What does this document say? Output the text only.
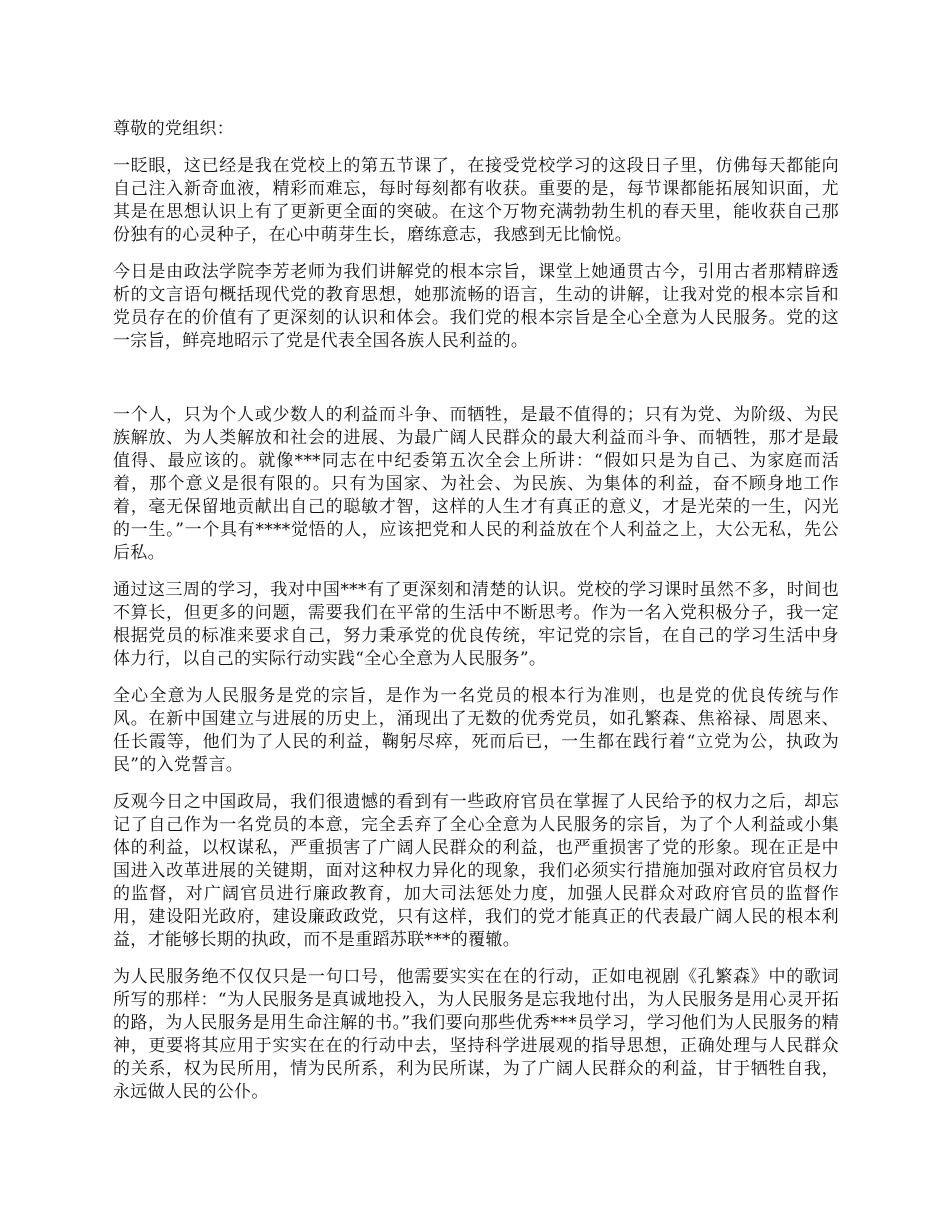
尊敬的党组织：

一眨眼，这已经是我在党校上的第五节课了，在接受党校学习的这段日子里，仿佛每天都能向自己注入新奇血液，精彩而难忘，每时每刻都有收获。重要的是，每节课都能拓展知识面，尤其是在思想认识上有了更新更全面的突破。在这个万物充满勃勃生机的春天里，能收获自己那份独有的心灵种子，在心中萌芽生长，磨练意志，我感到无比愉悦。

今日是由政法学院李芳老师为我们讲解党的根本宗旨，课堂上她通贯古今，引用古者那精辟透析的文言语句概括现代党的教育思想，她那流畅的语言，生动的讲解，让我对党的根本宗旨和党员存在的价值有了更深刻的认识和体会。我们党的根本宗旨是全心全意为人民服务。党的这一宗旨，鲜亮地昭示了党是代表全国各族人民利益的。

一个人，只为个人或少数人的利益而斗争、而牺牲，是最不值得的；只有为党、为阶级、为民族解放、为人类解放和社会的进展、为最广阔人民群众的最大利益而斗争、而牺牲，那才是最值得、最应该的。就像***同志在中纪委第五次全会上所讲：“假如只是为自己、为家庭而活着，那个意义是很有限的。只有为国家、为社会、为民族、为集体的利益，奋不顾身地工作着，毫无保留地贡献出自己的聪敏才智，这样的人生才有真正的意义，才是光荣的一生，闪光的一生。”一个具有****觉悟的人，应该把党和人民的利益放在个人利益之上，大公无私，先公后私。

通过这三周的学习，我对中国***有了更深刻和清楚的认识。党校的学习课时虽然不多，时间也不算长，但更多的问题，需要我们在平常的生活中不断思考。作为一名入党积极分子，我一定根据党员的标准来要求自己，努力秉承党的优良传统，牢记党的宗旨，在自己的学习生活中身体力行，以自己的实际行动实践“全心全意为人民服务”。

全心全意为人民服务是党的宗旨，是作为一名党员的根本行为准则，也是党的优良传统与作风。在新中国建立与进展的历史上，涌现出了无数的优秀党员，如孔繁森、焦裕禄、周恩来、任长霞等，他们为了人民的利益，鞠躬尽瘁，死而后已，一生都在践行着“立党为公，执政为民”的入党誓言。

反观今日之中国政局，我们很遗憾的看到有一些政府官员在掌握了人民给予的权力之后，却忘记了自己作为一名党员的本意，完全丢弃了全心全意为人民服务的宗旨，为了个人利益或小集体的利益，以权谋私，严重损害了广阔人民群众的利益，也严重损害了党的形象。现在正是中国进入改革进展的关键期，面对这种权力异化的现象，我们必须实行措施加强对政府官员权力的监督，对广阔官员进行廉政教育，加大司法惩处力度，加强人民群众对政府官员的监督作用，建设阳光政府，建设廉政政党，只有这样，我们的党才能真正的代表最广阔人民的根本利益，才能够长期的执政，而不是重蹈苏联***的覆辙。

为人民服务绝不仅仅只是一句口号，他需要实实在在的行动，正如电视剧《孔繁森》中的歌词所写的那样：“为人民服务是真诚地投入，为人民服务是忘我地付出，为人民服务是用心灵开拓的路，为人民服务是用生命注解的书。”我们要向那些优秀***员学习，学习他们为人民服务的精神，更要将其应用于实实在在的行动中去，坚持科学进展观的指导思想，正确处理与人民群众的关系，权为民所用，情为民所系，利为民所谋，为了广阔人民群众的利益，甘于牺牲自我，永远做人民的公仆。
